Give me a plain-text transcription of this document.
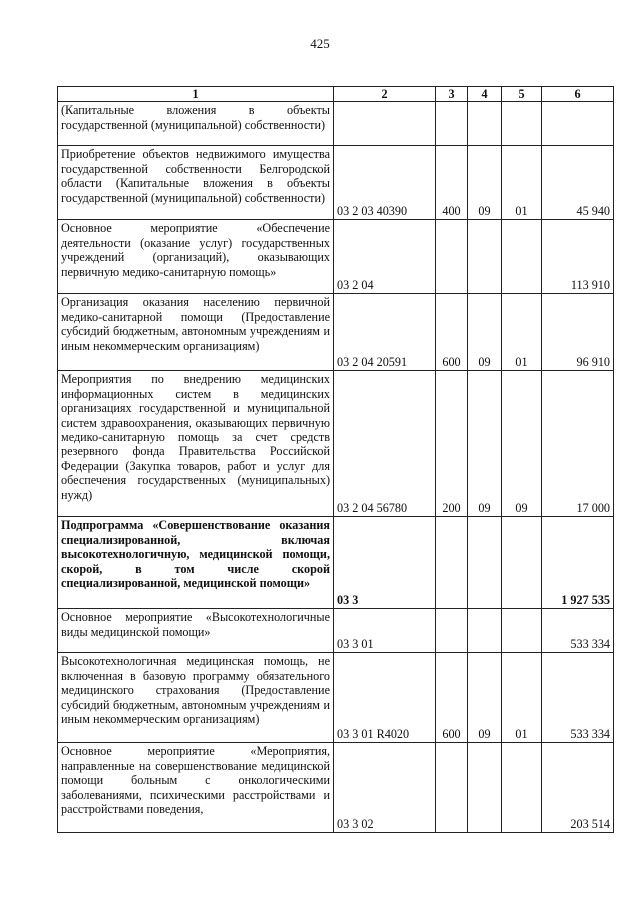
425
1	2	3	4	5	6
(Капитальные вложения в объекты государственной (муниципальной) собственности)					
Приобретение объектов недвижимого имущества государственной собственности Белгородской области (Капитальные вложения в объекты государственной (муниципальной) собственности)	03 2 03 40390	400	09	01	45 940
Основное мероприятие «Обеспечение деятельности (оказание услуг) государственных учреждений (организаций), оказывающих первичную медико-санитарную помощь»	03 2 04				113 910
Организация оказания населению первичной медико-санитарной помощи (Предоставление субсидий бюджетным, автономным учреждениям и иным некоммерческим организациям)	03 2 04 20591	600	09	01	96 910
Мероприятия по внедрению медицинских информационных систем в медицинских организациях государственной и муниципальной систем здравоохранения, оказывающих первичную медико-санитарную помощь за счет средств резервного фонда Правительства Российской Федерации (Закупка товаров, работ и услуг для обеспечения государственных (муниципальных) нужд)	03 2 04 56780	200	09	09	17 000
Подпрограмма «Совершенствование оказания специализированной, включая высокотехнологичную, медицинской помощи, скорой, в том числе скорой специализированной, медицинской помощи»	03 3				1 927 535
Основное мероприятие «Высокотехнологичные виды медицинской помощи»	03 3 01				533 334
Высокотехнологичная медицинская помощь, не включенная в базовую программу обязательного медицинского страхования (Предоставление субсидий бюджетным, автономным учреждениям и иным некоммерческим организациям)	03 3 01 R4020	600	09	01	533 334
Основное мероприятие «Мероприятия, направленные на совершенствование медицинской помощи больным с онкологическими заболеваниями, психическими расстройствами и расстройствами поведения,	03 3 02				203 514
